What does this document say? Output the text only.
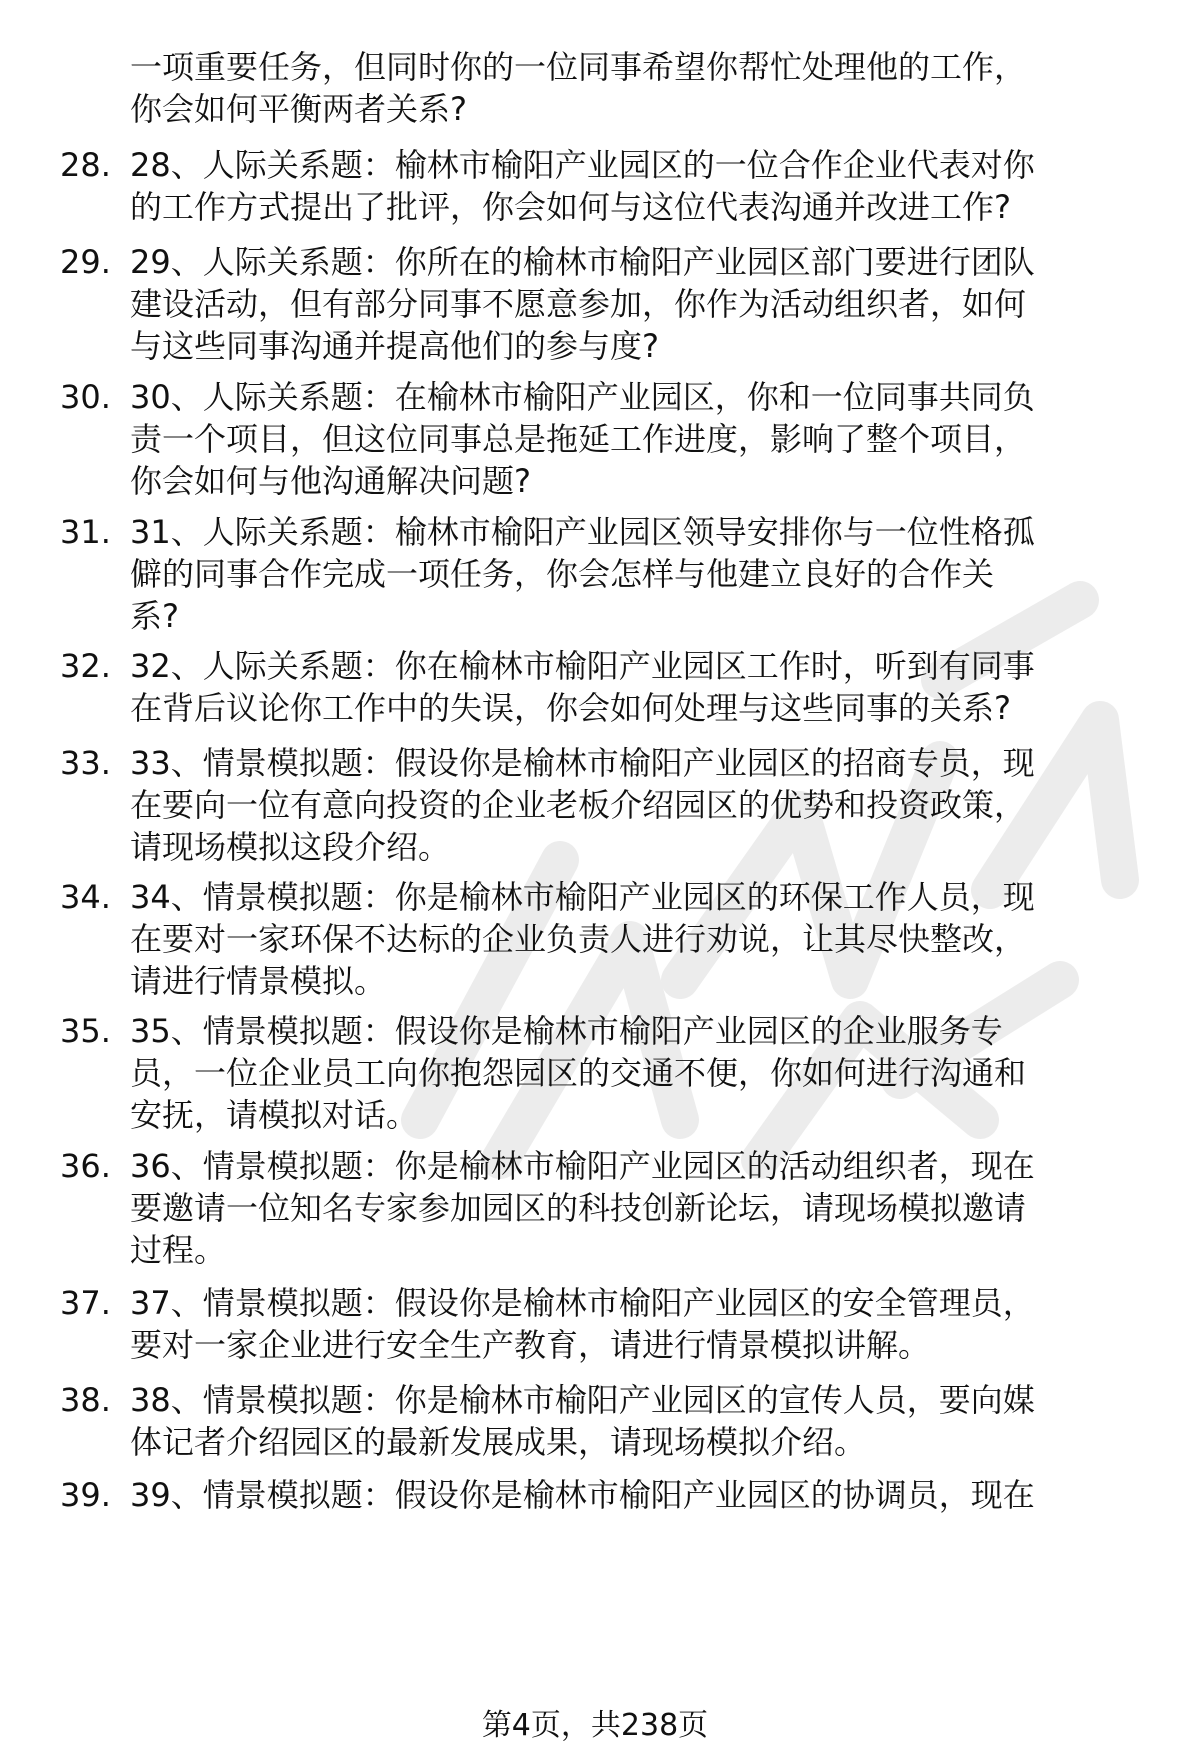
一项重要任务，但同时你的一位同事希望你帮忙处理他的工作，
你会如何平衡两者关系?
28. 28、人际关系题：榆林市榆阳产业园区的一位合作企业代表对你
的工作方式提出了批评，你会如何与这位代表沟通并改进工作?
29. 29、人际关系题：你所在的榆林市榆阳产业园区部门要进行团队
建设活动，但有部分同事不愿意参加，你作为活动组织者，如何
与这些同事沟通并提高他们的参与度?
30. 30、人际关系题：在榆林市榆阳产业园区，你和一位同事共同负
责一个项目，但这位同事总是拖延工作进度，影响了整个项目，
你会如何与他沟通解决问题?
31. 31、人际关系题：榆林市榆阳产业园区领导安排你与一位性格孤
僻的同事合作完成一项任务，你会怎样与他建立良好的合作关
系?
32. 32、人际关系题：你在榆林市榆阳产业园区工作时，听到有同事
在背后议论你工作中的失误，你会如何处理与这些同事的关系?
33. 33、情景模拟题：假设你是榆林市榆阳产业园区的招商专员，现
在要向一位有意向投资的企业老板介绍园区的优势和投资政策，
请现场模拟这段介绍。
34. 34、情景模拟题：你是榆林市榆阳产业园区的环保工作人员，现
在要对一家环保不达标的企业负责人进行劝说，让其尽快整改，
请进行情景模拟。
35. 35、情景模拟题：假设你是榆林市榆阳产业园区的企业服务专
员，一位企业员工向你抱怨园区的交通不便，你如何进行沟通和
安抚，请模拟对话。
36. 36、情景模拟题：你是榆林市榆阳产业园区的活动组织者，现在
要邀请一位知名专家参加园区的科技创新论坛，请现场模拟邀请
过程。
37. 37、情景模拟题：假设你是榆林市榆阳产业园区的安全管理员，
要对一家企业进行安全生产教育，请进行情景模拟讲解。
38. 38、情景模拟题：你是榆林市榆阳产业园区的宣传人员，要向媒
体记者介绍园区的最新发展成果，请现场模拟介绍。
39. 39、情景模拟题：假设你是榆林市榆阳产业园区的协调员，现在
第4页，共238页
